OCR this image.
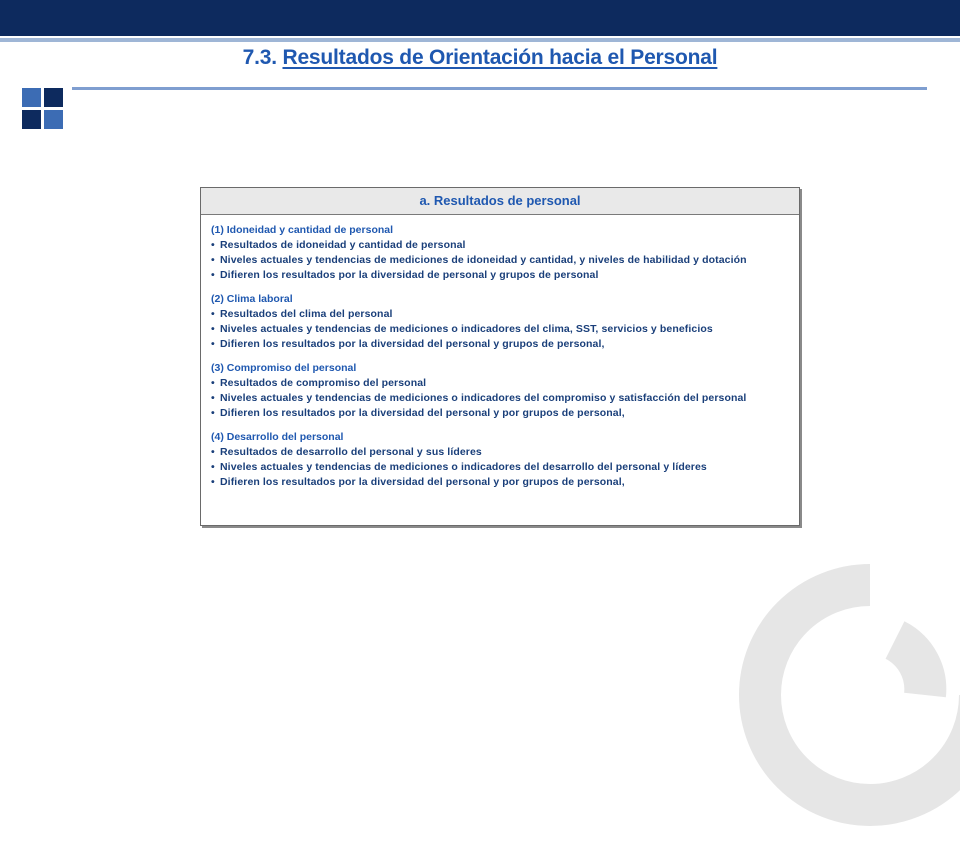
7.3. Resultados de Orientación hacia el Personal
a. Resultados de personal
(1) Idoneidad y cantidad de personal
• Resultados de idoneidad y cantidad de personal
• Niveles actuales y tendencias de mediciones de idoneidad y cantidad, y niveles de habilidad y dotación
• Difieren los resultados por la diversidad de personal y grupos de personal
(2) Clima laboral
• Resultados del clima del personal
• Niveles actuales y tendencias de mediciones o indicadores del clima, SST, servicios y beneficios
• Difieren los resultados por la diversidad del personal y grupos de personal,
(3) Compromiso del personal
• Resultados de compromiso del personal
• Niveles actuales y tendencias de mediciones o indicadores del compromiso y satisfacción del personal
• Difieren los resultados por la diversidad del personal y por grupos de personal,
(4) Desarrollo del personal
• Resultados de desarrollo del personal y sus líderes
• Niveles actuales y tendencias de mediciones o indicadores del desarrollo del personal y líderes
• Difieren los resultados por la diversidad del personal y por grupos de personal,
